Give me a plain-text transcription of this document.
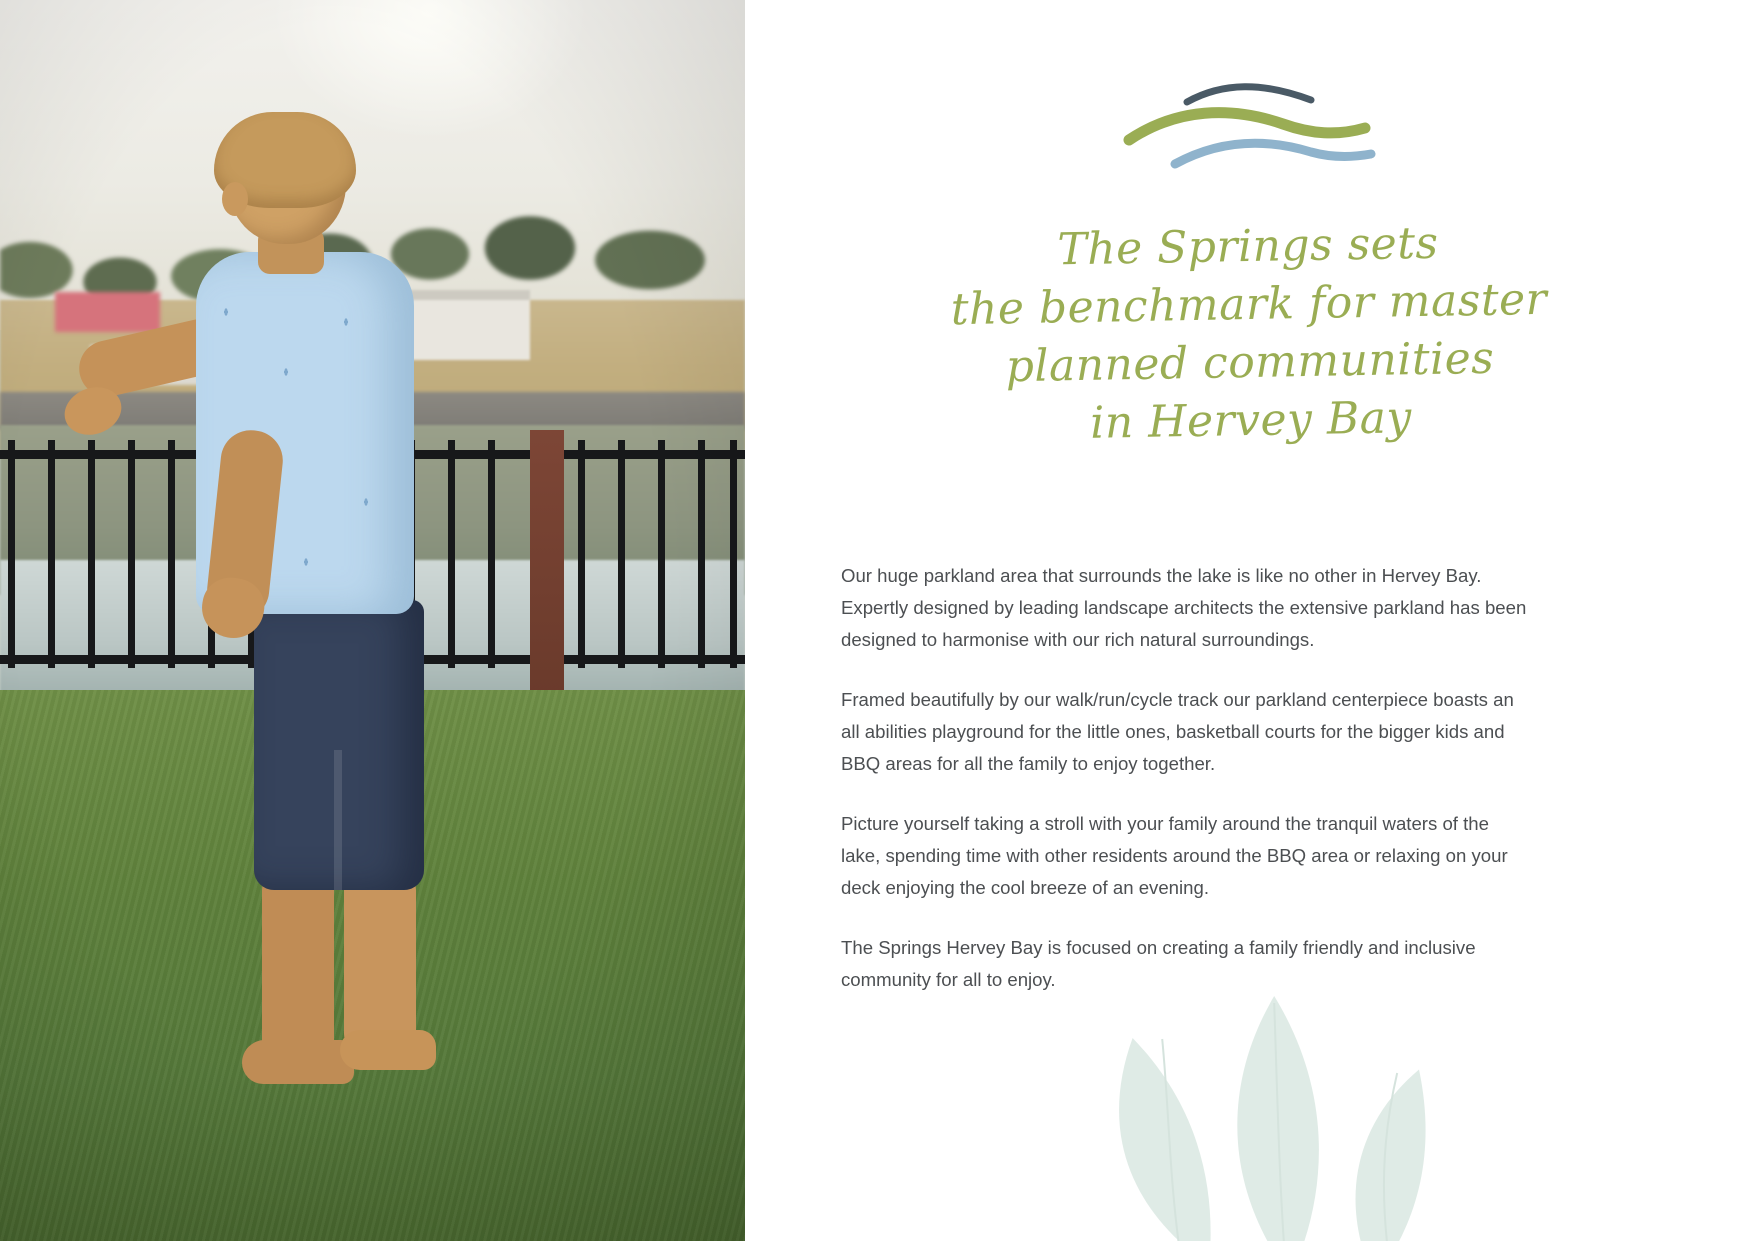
The Springs sets
the benchmark for master
planned communities
in Hervey Bay

Our huge parkland area that surrounds the lake is like no other in Hervey Bay. Expertly designed by leading landscape architects the extensive parkland has been designed to harmonise with our rich natural surroundings.

Framed beautifully by our walk/run/cycle track our parkland centerpiece boasts an all abilities playground for the little ones, basketball courts for the bigger kids and BBQ areas for all the family to enjoy together.

Picture yourself taking a stroll with your family around the tranquil waters of the lake, spending time with other residents around the BBQ area or relaxing on your deck enjoying the cool breeze of an evening.

The Springs Hervey Bay is focused on creating a family friendly and inclusive community for all to enjoy.
